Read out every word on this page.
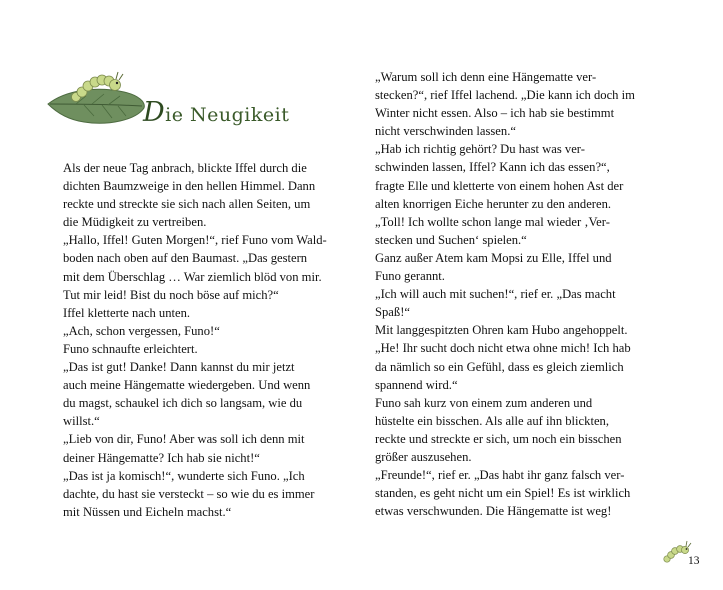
Die Neugikeit
Als der neue Tag anbrach, blickte Iffel durch die
dichten Baumzweige in den hellen Himmel. Dann
reckte und streckte sie sich nach allen Seiten, um
die Müdigkeit zu vertreiben.
„Hallo, Iffel! Guten Morgen!“, rief Funo vom Wald-
boden nach oben auf den Baumast. „Das gestern
mit dem Überschlag … War ziemlich blöd von mir.
Tut mir leid! Bist du noch böse auf mich?“
Iffel kletterte nach unten.
„Ach, schon vergessen, Funo!“
Funo schnaufte erleichtert.
„Das ist gut! Danke! Dann kannst du mir jetzt
auch meine Hängematte wiedergeben. Und wenn
du magst, schaukel ich dich so langsam, wie du
willst.“
„Lieb von dir, Funo! Aber was soll ich denn mit
deiner Hängematte? Ich hab sie nicht!“
„Das ist ja komisch!“, wunderte sich Funo. „Ich
dachte, du hast sie versteckt – so wie du es immer
mit Nüssen und Eicheln machst.“
„Warum soll ich denn eine Hängematte ver-
stecken?“, rief Iffel lachend. „Die kann ich doch im
Winter nicht essen. Also – ich hab sie bestimmt
nicht verschwinden lassen.“
„Hab ich richtig gehört? Du hast was ver-
schwinden lassen, Iffel? Kann ich das essen?“,
fragte Elle und kletterte von einem hohen Ast der
alten knorrigen Eiche herunter zu den anderen.
„Toll! Ich wollte schon lange mal wieder ‚Ver-
stecken und Suchen‘ spielen.“
Ganz außer Atem kam Mopsi zu Elle, Iffel und
Funo gerannt.
„Ich will auch mit suchen!“, rief er. „Das macht
Spaß!“
Mit langgespitzten Ohren kam Hubo angehoppelt.
„He! Ihr sucht doch nicht etwa ohne mich! Ich hab
da nämlich so ein Gefühl, dass es gleich ziemlich
spannend wird.“
Funo sah kurz von einem zum anderen und
hüstelte ein bisschen. Als alle auf ihn blickten,
reckte und streckte er sich, um noch ein bisschen
größer auszusehen.
„Freunde!“, rief er. „Das habt ihr ganz falsch ver-
standen, es geht nicht um ein Spiel! Es ist wirklich
etwas verschwunden. Die Hängematte ist weg!
13
